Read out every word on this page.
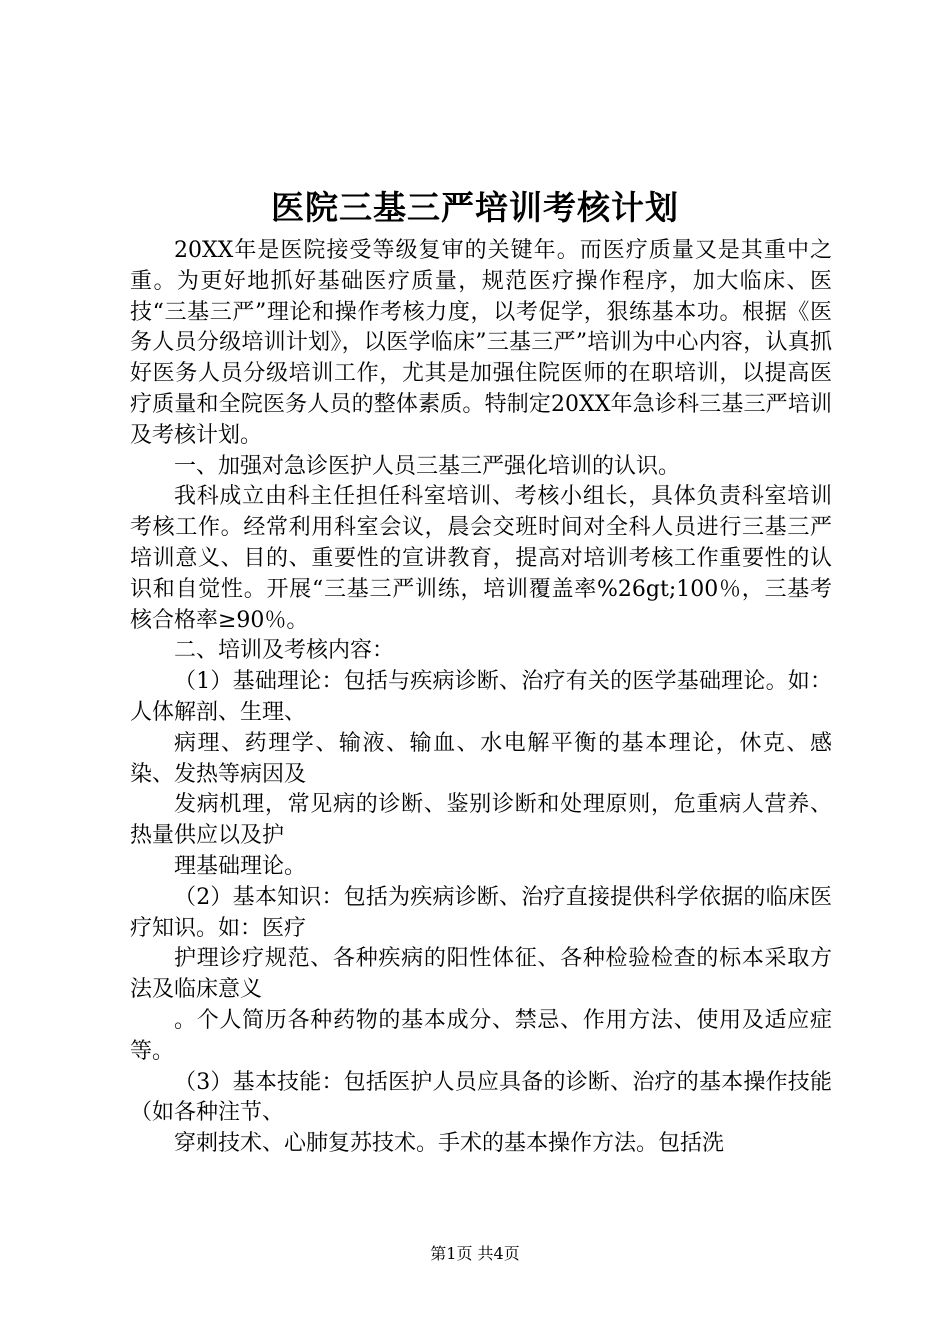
医院三基三严培训考核计划

20XX年是医院接受等级复审的关键年。而医疗质量又是其重中之重。为更好地抓好基础医疗质量，规范医疗操作程序，加大临床、医技“三基三严”理论和操作考核力度，以考促学，狠练基本功。根据《医务人员分级培训计划》，以医学临床”三基三严”培训为中心内容，认真抓好医务人员分级培训工作，尤其是加强住院医师的在职培训，以提高医疗质量和全院医务人员的整体素质。特制定20XX年急诊科三基三严培训及考核计划。

一、加强对急诊医护人员三基三严强化培训的认识。

我科成立由科主任担任科室培训、考核小组长，具体负责科室培训考核工作。经常利用科室会议，晨会交班时间对全科人员进行三基三严培训意义、目的、重要性的宣讲教育，提高对培训考核工作重要性的认识和自觉性。开展“三基三严训练，培训覆盖率%26gt;100％，三基考核合格率≥90％。

二、培训及考核内容：

（1）基础理论：包括与疾病诊断、治疗有关的医学基础理论。如：人体解剖、生理、

病理、药理学、输液、输血、水电解平衡的基本理论，休克、感染、发热等病因及

发病机理，常见病的诊断、鉴别诊断和处理原则，危重病人营养、热量供应以及护

理基础理论。

（2）基本知识：包括为疾病诊断、治疗直接提供科学依据的临床医疗知识。如：医疗

护理诊疗规范、各种疾病的阳性体征、各种检验检查的标本采取方法及临床意义

。个人简历各种药物的基本成分、禁忌、作用方法、使用及适应症等。

（3）基本技能：包括医护人员应具备的诊断、治疗的基本操作技能（如各种注节、

穿刺技术、心肺复苏技术。手术的基本操作方法。包括洗

第1页 共4页
